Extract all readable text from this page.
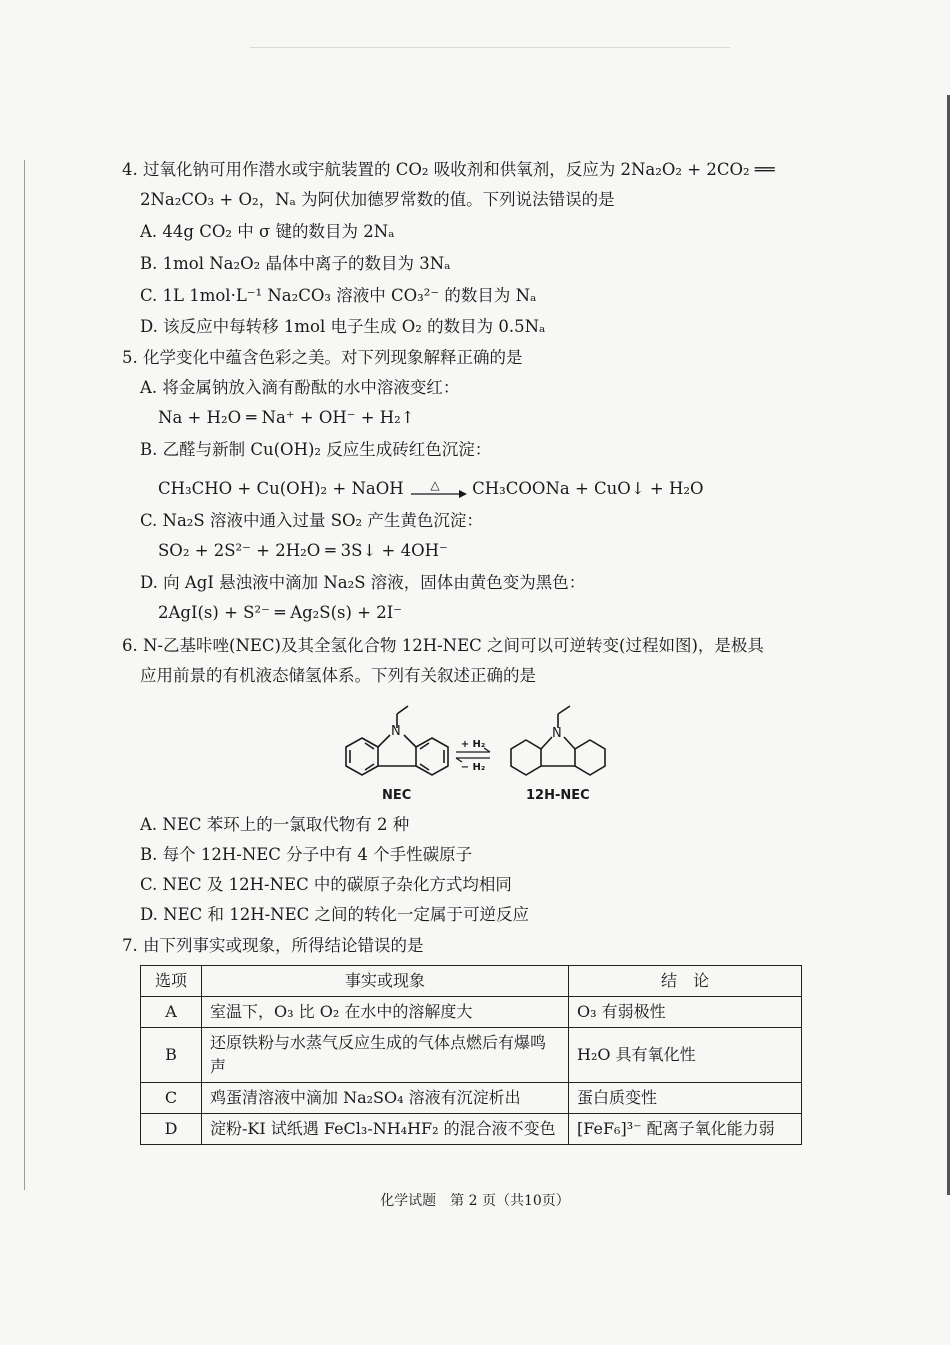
4. 过氧化钠可用作潜水或宇航装置的 CO₂ 吸收剂和供氧剂，反应为 2Na₂O₂ + 2CO₂ ══
2Na₂CO₃ + O₂，Nₐ 为阿伏加德罗常数的值。下列说法错误的是
A. 44g CO₂ 中 σ 键的数目为 2Nₐ
B. 1mol Na₂O₂ 晶体中离子的数目为 3Nₐ
C. 1L 1mol·L⁻¹ Na₂CO₃ 溶液中 CO₃²⁻ 的数目为 Nₐ
D. 该反应中每转移 1mol 电子生成 O₂ 的数目为 0.5Nₐ
5. 化学变化中蕴含色彩之美。对下列现象解释正确的是
A. 将金属钠放入滴有酚酞的水中溶液变红：
Na + H₂O ═ Na⁺ + OH⁻ + H₂↑
B. 乙醛与新制 Cu(OH)₂ 反应生成砖红色沉淀：
CH₃CHO + Cu(OH)₂ + NaOH △ CH₃COONa + CuO↓ + H₂O
C. Na₂S 溶液中通入过量 SO₂ 产生黄色沉淀：
SO₂ + 2S²⁻ + 2H₂O ═ 3S↓ + 4OH⁻
D. 向 AgI 悬浊液中滴加 Na₂S 溶液，固体由黄色变为黑色：
2AgI(s) + S²⁻ ═ Ag₂S(s) + 2I⁻
6. N-乙基咔唑(NEC)及其全氢化合物 12H-NEC 之间可以可逆转变(过程如图)，是极具
应用前景的有机液态储氢体系。下列有关叙述正确的是
N
+ H₂
− H₂
N
NEC	12H-NEC
A. NEC 苯环上的一氯取代物有 2 种
B. 每个 12H-NEC 分子中有 4 个手性碳原子
C. NEC 及 12H-NEC 中的碳原子杂化方式均相同
D. NEC 和 12H-NEC 之间的转化一定属于可逆反应
7. 由下列事实或现象，所得结论错误的是
选项	事实或现象	结　论
A	室温下，O₃ 比 O₂ 在水中的溶解度大	O₃ 有弱极性
B	还原铁粉与水蒸气反应生成的气体点燃后有爆鸣声	H₂O 具有氧化性
C	鸡蛋清溶液中滴加 Na₂SO₄ 溶液有沉淀析出	蛋白质变性
D	淀粉-KI 试纸遇 FeCl₃-NH₄HF₂ 的混合液不变色	[FeF₆]³⁻ 配离子氧化能力弱
化学试题　第 2 页（共10页）
